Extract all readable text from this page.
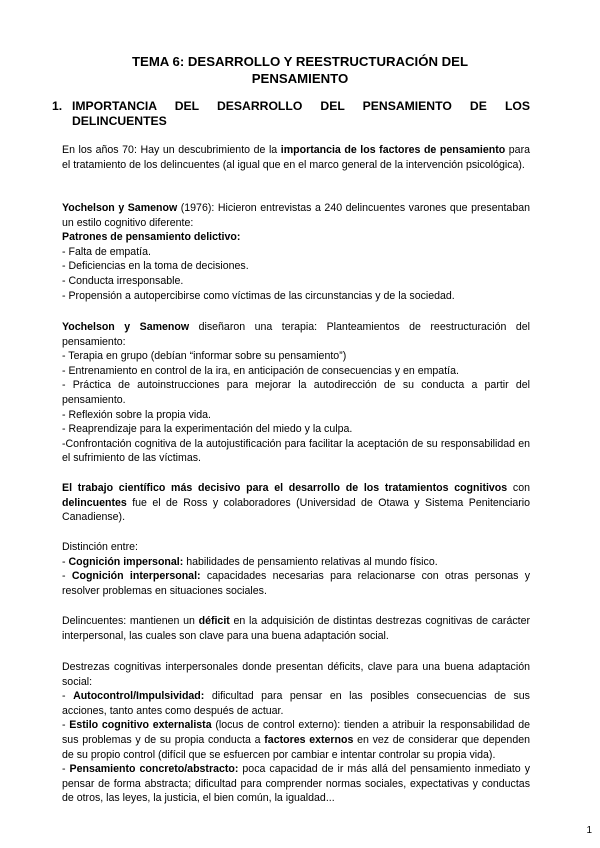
TEMA 6: DESARROLLO Y REESTRUCTURACIÓN DEL
PENSAMIENTO
1. IMPORTANCIA DEL DESARROLLO DEL PENSAMIENTO DE LOS DELINCUENTES
En los años 70: Hay un descubrimiento de la importancia de los factores de pensamiento para el tratamiento de los delincuentes (al igual que en el marco general de la intervención psicológica).

Yochelson y Samenow (1976): Hicieron entrevistas a 240 delincuentes varones que presentaban un estilo cognitivo diferente:

Patrones de pensamiento delictivo:

- Falta de empatía.

- Deficiencias en la toma de decisiones.

- Conducta irresponsable.

- Propensión a autopercibirse como víctimas de las circunstancias y de la sociedad.

Yochelson y Samenow diseñaron una terapia: Planteamientos de reestructuración del pensamiento:

- Terapia en grupo (debían “informar sobre su pensamiento”)

- Entrenamiento en control de la ira, en anticipación de consecuencias y en empatía.

- Práctica de autoinstrucciones para mejorar la autodirección de su conducta a partir del pensamiento.

- Reflexión sobre la propia vida.

- Reaprendizaje para la experimentación del miedo y la culpa.

-Confrontación cognitiva de la autojustificación para facilitar la aceptación de su responsabilidad en el sufrimiento de las víctimas.

El trabajo científico más decisivo para el desarrollo de los tratamientos cognitivos con delincuentes fue el de Ross y colaboradores (Universidad de Otawa y Sistema Penitenciario Canadiense).

Distinción entre:

- Cognición impersonal: habilidades de pensamiento relativas al mundo físico.

- Cognición interpersonal: capacidades necesarias para relacionarse con otras personas y resolver problemas en situaciones sociales.

Delincuentes: mantienen un déficit en la adquisición de distintas destrezas cognitivas de carácter interpersonal, las cuales son clave para una buena adaptación social.

Destrezas cognitivas interpersonales donde presentan déficits, clave para una buena adaptación social:

- Autocontrol/Impulsividad: dificultad para pensar en las posibles consecuencias de sus acciones, tanto antes como después de actuar.

- Estilo cognitivo externalista (locus de control externo): tienden a atribuir la responsabilidad de sus problemas y de su propia conducta a factores externos en vez de considerar que dependen de su propio control (difícil que se esfuercen por cambiar e intentar controlar su propia vida).

- Pensamiento concreto/abstracto: poca capacidad de ir más allá del pensamiento inmediato y pensar de forma abstracta; dificultad para comprender normas sociales, expectativas y conductas de otros, las leyes, la justicia, el bien común, la igualdad...

1
